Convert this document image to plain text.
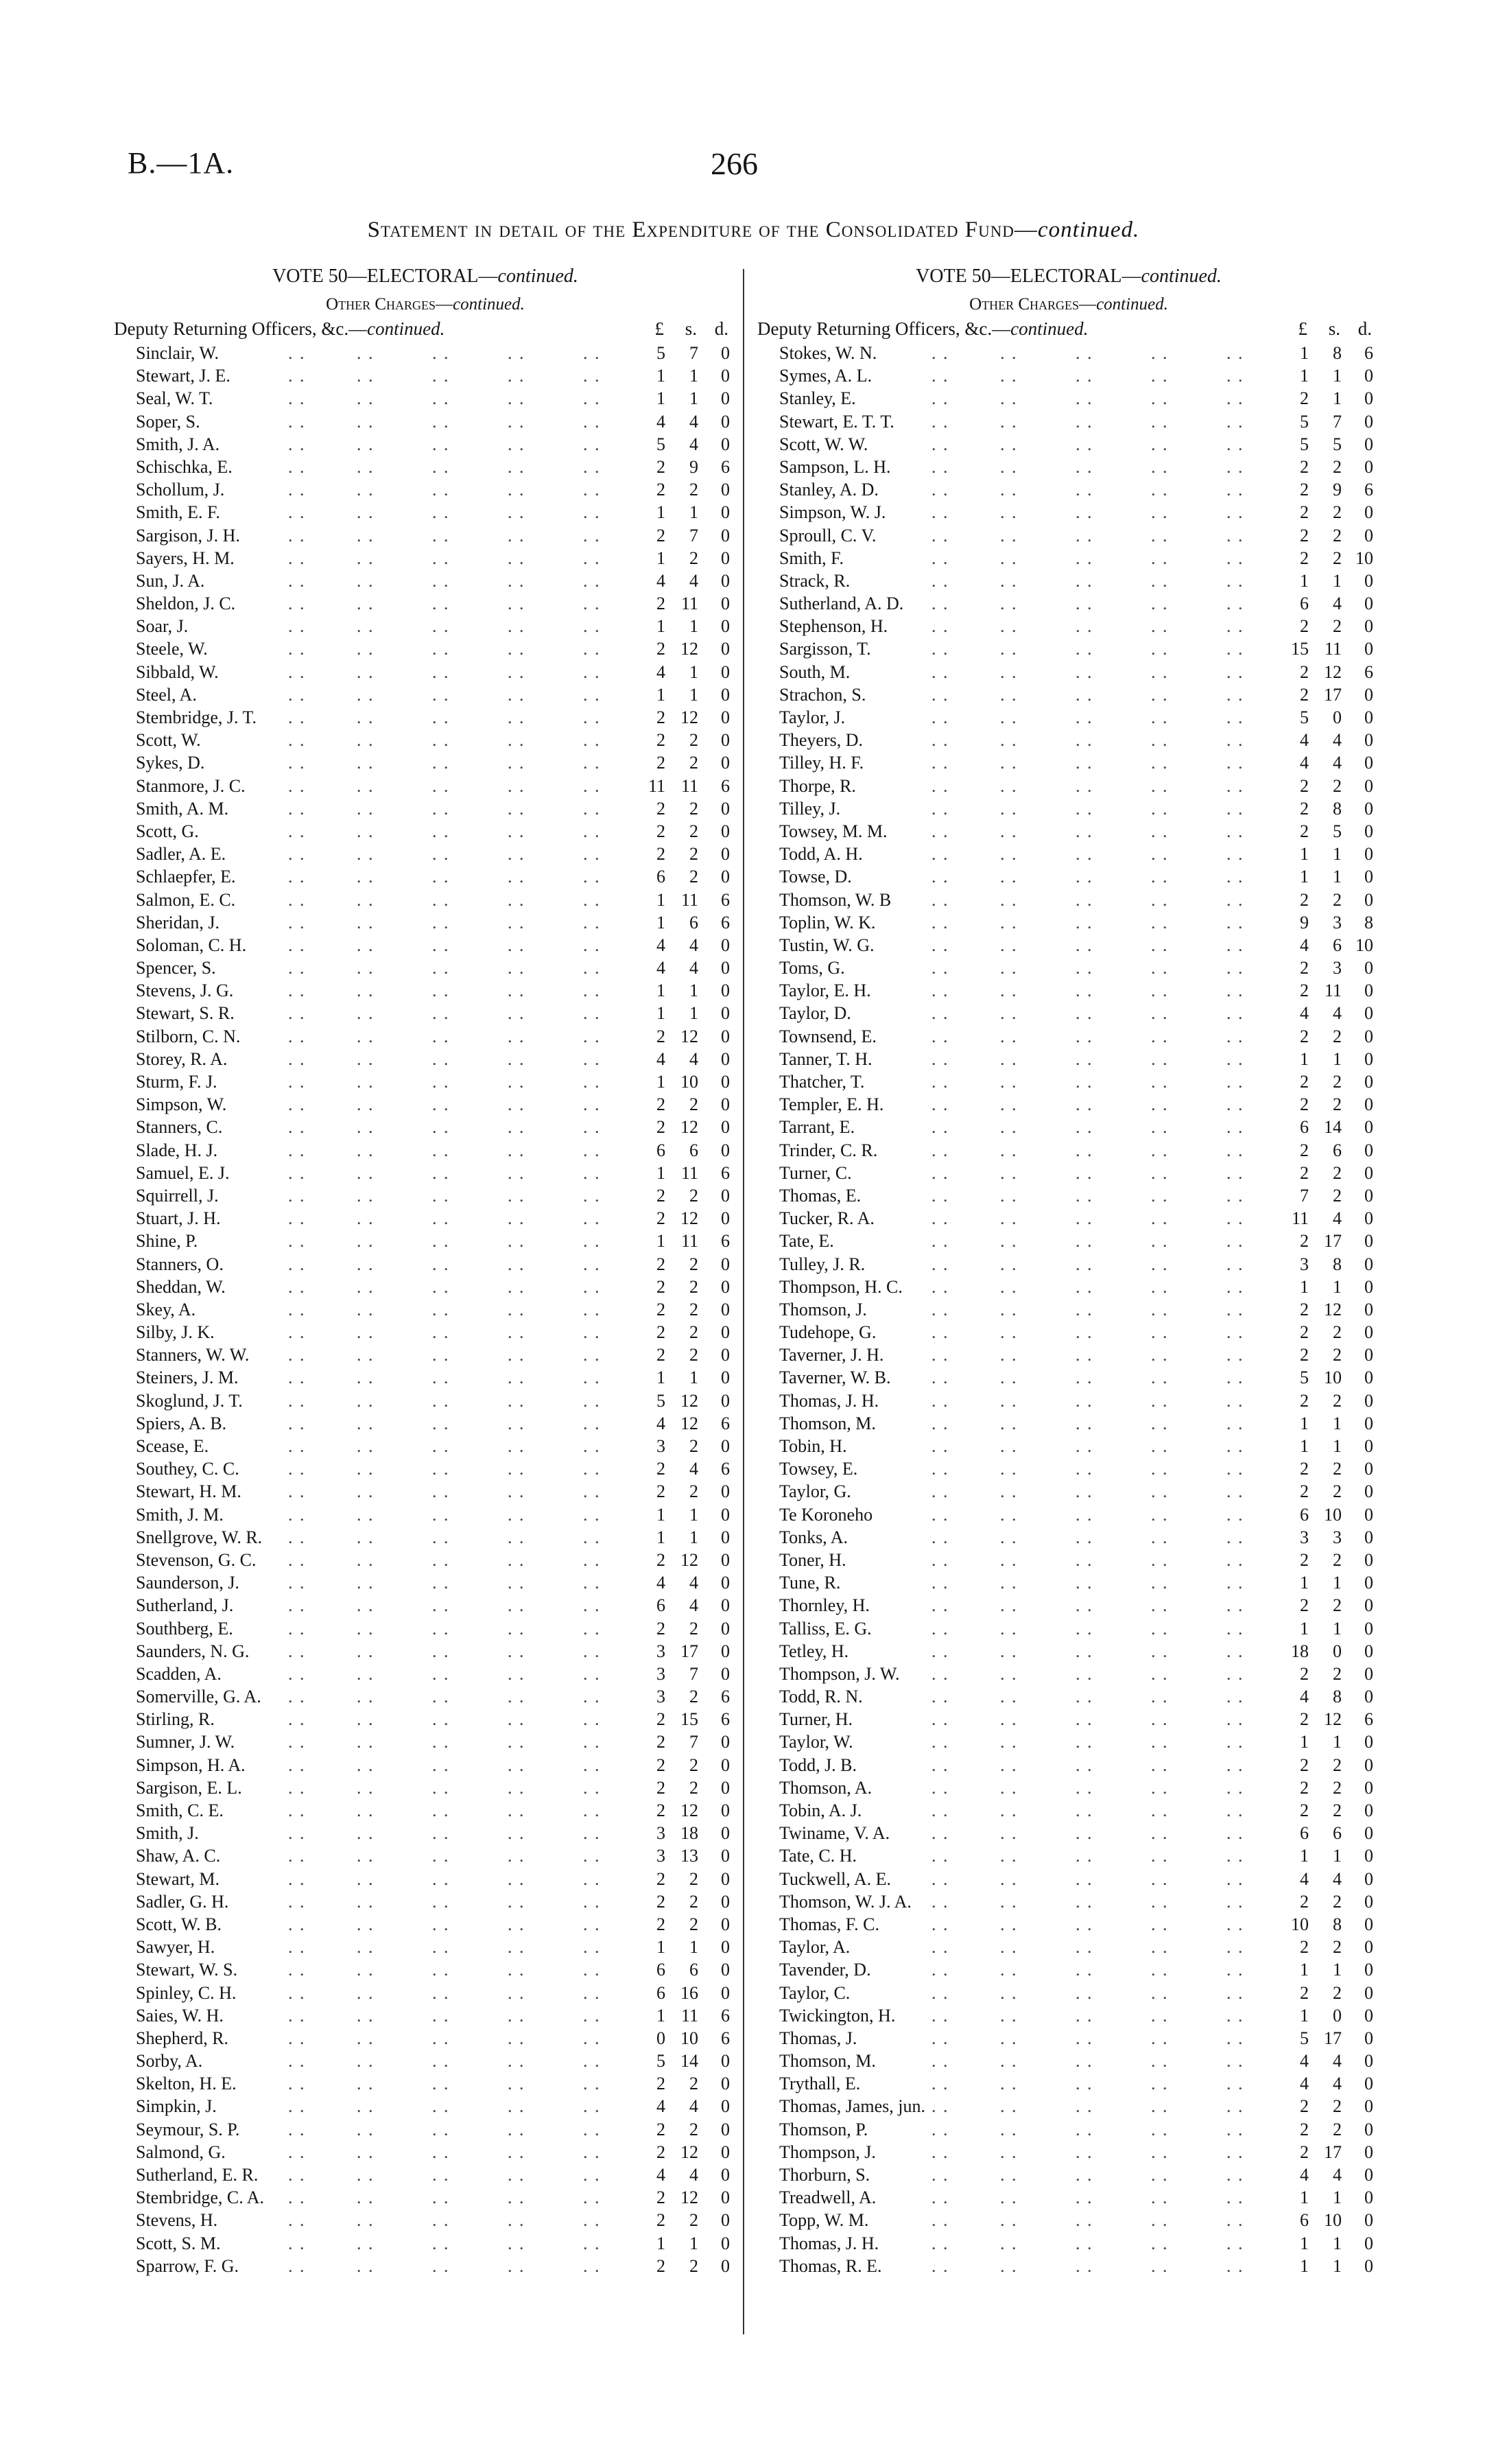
B.—1A.	266
Statement in detail of the Expenditure of the Consolidated Fund—continued.
VOTE 50—ELECTORAL—continued.
Other Charges—continued.
Deputy Returning Officers, &c.—continued.	£	s. d.
. .	. .	. .	. .	. .
Sinclair, W.	5	7	0
. .	. .	. .	. .	. .
Stewart, J. E.	1	1	0
. .	. .	. .	. .	. .
Seal, W. T.	1	1	0
. .	. .	. .	. .	. .
Soper, S.	4	4	0
. .	. .	. .	. .	. .
Smith, J. A.	5	4	0
. .	. .	. .	. .	. .
Schischka, E.	2	9	6
. .	. .	. .	. .	. .
Schollum, J.	2	2	0
. .	. .	. .	. .	. .
Smith, E. F.	1	1	0
. .	. .	. .	. .	. .
Sargison, J. H.	2	7	0
. .	. .	. .	. .	. .
Sayers, H. M.	1	2	0
. .	. .	. .	. .	. .
Sun, J. A.	4	4	0
. .	. .	. .	. .	. .
Sheldon, J. C.	2 11	0
. .	. .	. .	. .	. .
Soar, J.	1	1	0
. .	. .	. .	. .	. .
Steele, W.	2 12	0
. .	. .	. .	. .	. .
Sibbald, W.	4	1	0
. .	. .	. .	. .	. .
Steel, A.	1	1	0
. .	. .	. .	. .	. .
Stembridge, J. T.	2 12	0
. .	. .	. .	. .	. .
Scott, W.	2	2	0
. .	. .	. .	. .	. .
Sykes, D.	2	2	0
. .	. .	. .	. .	. .
Stanmore, J. C.	11 11	6
. .	. .	. .	. .	. .
Smith, A. M.	2	2	0
. .	. .	. .	. .	. .
Scott, G.	2	2	0
. .	. .	. .	. .	. .
Sadler, A. E.	2	2	0
. .	. .	. .	. .	. .
Schlaepfer, E.	6	2	0
. .	. .	. .	. .	. .
Salmon, E. C.	1 11	6
. .	. .	. .	. .	. .
Sheridan, J.	1	6	6
. .	. .	. .	. .	. .
Soloman, C. H.	4	4	0
. .	. .	. .	. .	. .
Spencer, S.	4	4	0
. .	. .	. .	. .	. .
Stevens, J. G.	1	1	0
. .	. .	. .	. .	. .
Stewart, S. R.	1	1	0
. .	. .	. .	. .	. .
Stilborn, C. N.	2 12	0
. .	. .	. .	. .	. .
Storey, R. A.	4	4	0
. .	. .	. .	. .	. .
Sturm, F. J.	1 10	0
. .	. .	. .	. .	. .
Simpson, W.	2	2	0
. .	. .	. .	. .	. .
Stanners, C.	2 12	0
. .	. .	. .	. .	. .
Slade, H. J.	6	6	0
. .	. .	. .	. .	. .
Samuel, E. J.	1 11	6
. .	. .	. .	. .	. .
Squirrell, J.	2	2	0
. .	. .	. .	. .	. .
Stuart, J. H.	2 12	0
. .	. .	. .	. .	. .
Shine, P.	1 11	6
. .	. .	. .	. .	. .
Stanners, O.	2	2	0
. .	. .	. .	. .	. .
Sheddan, W.	2	2	0
. .	. .	. .	. .	. .
Skey, A.	2	2	0
. .	. .	. .	. .	. .
Silby, J. K.	2	2	0
. .	. .	. .	. .	. .
Stanners, W. W.	2	2	0
. .	. .	. .	. .	. .
Steiners, J. M.	1	1	0
. .	. .	. .	. .	. .
Skoglund, J. T.	5 12	0
. .	. .	. .	. .	. .
Spiers, A. B.	4 12	6
. .	. .	. .	. .	. .
Scease, E.	3	2	0
. .	. .	. .	. .	. .
Southey, C. C.	2	4	6
. .	. .	. .	. .	. .
Stewart, H. M.	2	2	0
. .	. .	. .	. .	. .
Smith, J. M.	1	1	0
. .	. .	. .	. .	. .
Snellgrove, W. R.	1	1	0
. .	. .	. .	. .	. .
Stevenson, G. C.	2 12	0
. .	. .	. .	. .	. .
Saunderson, J.	4	4	0
. .	. .	. .	. .	. .
Sutherland, J.	6	4	0
. .	. .	. .	. .	. .
Southberg, E.	2	2	0
. .	. .	. .	. .	. .
Saunders, N. G.	3 17	0
. .	. .	. .	. .	. .
Scadden, A.	3	7	0
. .	. .	. .	. .	. .
Somerville, G. A.	3	2	6
. .	. .	. .	. .	. .
Stirling, R.	2 15	6
. .	. .	. .	. .	. .
Sumner, J. W.	2	7	0
. .	. .	. .	. .	. .
Simpson, H. A.	2	2	0
. .	. .	. .	. .	. .
Sargison, E. L.	2	2	0
. .	. .	. .	. .	. .
Smith, C. E.	2 12	0
. .	. .	. .	. .	. .
Smith, J.	3 18	0
. .	. .	. .	. .	. .
Shaw, A. C.	3 13	0
. .	. .	. .	. .	. .
Stewart, M.	2	2	0
. .	. .	. .	. .	. .
Sadler, G. H.	2	2	0
. .	. .	. .	. .	. .
Scott, W. B.	2	2	0
. .	. .	. .	. .	. .
Sawyer, H.	1	1	0
. .	. .	. .	. .	. .
Stewart, W. S.	6	6	0
. .	. .	. .	. .	. .
Spinley, C. H.	6 16	0
. .	. .	. .	. .	. .
Saies, W. H.	1 11	6
. .	. .	. .	. .	. .
Shepherd, R.	0 10	6
. .	. .	. .	. .	. .
Sorby, A.	5 14	0
. .	. .	. .	. .	. .
Skelton, H. E.	2	2	0
. .	. .	. .	. .	. .
Simpkin, J.	4	4	0
. .	. .	. .	. .	. .
Seymour, S. P.	2	2	0
. .	. .	. .	. .	. .
Salmond, G.	2 12	0
. .	. .	. .	. .	. .
Sutherland, E. R.	4	4	0
. .	. .	. .	. .	. .
Stembridge, C. A.	2 12	0
. .	. .	. .	. .	. .
Stevens, H.	2	2	0
. .	. .	. .	. .	. .
Scott, S. M.	1	1	0
. .	. .	. .	. .	. .
Sparrow, F. G.	2	2	0
VOTE 50—ELECTORAL—continued.
Other Charges—continued.
Deputy Returning Officers, &c.—continued.	£	s. d.
. .	. .	. .	. .	. .
Stokes, W. N.	1	8	6
. .	. .	. .	. .	. .
Symes, A. L.	1	1	0
. .	. .	. .	. .	. .
Stanley, E.	2	1	0
. .	. .	. .	. .	. .
Stewart, E. T. T.	5	7	0
. .	. .	. .	. .	. .
Scott, W. W.	5	5	0
. .	. .	. .	. .	. .
Sampson, L. H.	2	2	0
. .	. .	. .	. .	. .
Stanley, A. D.	2	9	6
. .	. .	. .	. .	. .
Simpson, W. J.	2	2	0
. .	. .	. .	. .	. .
Sproull, C. V.	2	2	0
. .	. .	. .	. .	. .
Smith, F.	2	2 10
. .	. .	. .	. .	. .
Strack, R.	1	1	0
. .	. .	. .	. .	. .
Sutherland, A. D.	6	4	0
. .	. .	. .	. .	. .
Stephenson, H.	2	2	0
. .	. .	. .	. .	. .
Sargisson, T.	15 11	0
. .	. .	. .	. .	. .
South, M.	2 12	6
. .	. .	. .	. .	. .
Strachon, S.	2 17	0
. .	. .	. .	. .	. .
Taylor, J.	5	0	0
. .	. .	. .	. .	. .
Theyers, D.	4	4	0
. .	. .	. .	. .	. .
Tilley, H. F.	4	4	0
. .	. .	. .	. .	. .
Thorpe, R.	2	2	0
. .	. .	. .	. .	. .
Tilley, J.	2	8	0
. .	. .	. .	. .	. .
Towsey, M. M.	2	5	0
. .	. .	. .	. .	. .
Todd, A. H.	1	1	0
. .	. .	. .	. .	. .
Towse, D.	1	1	0
. .	. .	. .	. .	. .
Thomson, W. B	2	2	0
. .	. .	. .	. .	. .
Toplin, W. K.	9	3	8
. .	. .	. .	. .	. .
Tustin, W. G.	4	6 10
. .	. .	. .	. .	. .
Toms, G.	2	3	0
. .	. .	. .	. .	. .
Taylor, E. H.	2 11	0
. .	. .	. .	. .	. .
Taylor, D.	4	4	0
. .	. .	. .	. .	. .
Townsend, E.	2	2	0
. .	. .	. .	. .	. .
Tanner, T. H.	1	1	0
. .	. .	. .	. .	. .
Thatcher, T.	2	2	0
. .	. .	. .	. .	. .
Templer, E. H.	2	2	0
. .	. .	. .	. .	. .
Tarrant, E.	6 14	0
. .	. .	. .	. .	. .
Trinder, C. R.	2	6	0
. .	. .	. .	. .	. .
Turner, C.	2	2	0
. .	. .	. .	. .	. .
Thomas, E.	7	2	0
. .	. .	. .	. .	. .
Tucker, R. A.	11	4	0
. .	. .	. .	. .	. .
Tate, E.	2 17	0
. .	. .	. .	. .	. .
Tulley, J. R.	3	8	0
. .	. .	. .	. .	. .
Thompson, H. C.	1	1	0
. .	. .	. .	. .	. .
Thomson, J.	2 12	0
. .	. .	. .	. .	. .
Tudehope, G.	2	2	0
. .	. .	. .	. .	. .
Taverner, J. H.	2	2	0
. .	. .	. .	. .	. .
Taverner, W. B.	5 10	0
. .	. .	. .	. .	. .
Thomas, J. H.	2	2	0
. .	. .	. .	. .	. .
Thomson, M.	1	1	0
. .	. .	. .	. .	. .
Tobin, H.	1	1	0
. .	. .	. .	. .	. .
Towsey, E.	2	2	0
. .	. .	. .	. .	. .
Taylor, G.	2	2	0
. .	. .	. .	. .	. .
Te Koroneho	6 10	0
. .	. .	. .	. .	. .
Tonks, A.	3	3	0
. .	. .	. .	. .	. .
Toner, H.	2	2	0
. .	. .	. .	. .	. .
Tune, R.	1	1	0
. .	. .	. .	. .	. .
Thornley, H.	2	2	0
. .	. .	. .	. .	. .
Talliss, E. G.	1	1	0
. .	. .	. .	. .	. .
Tetley, H.	18	0	0
. .	. .	. .	. .	. .
Thompson, J. W.	2	2	0
. .	. .	. .	. .	. .
Todd, R. N.	4	8	0
. .	. .	. .	. .	. .
Turner, H.	2 12	6
. .	. .	. .	. .	. .
Taylor, W.	1	1	0
. .	. .	. .	. .	. .
Todd, J. B.	2	2	0
. .	. .	. .	. .	. .
Thomson, A.	2	2	0
. .	. .	. .	. .	. .
Tobin, A. J.	2	2	0
. .	. .	. .	. .	. .
Twiname, V. A.	6	6	0
. .	. .	. .	. .	. .
Tate, C. H.	1	1	0
. .	. .	. .	. .	. .
Tuckwell, A. E.	4	4	0
. .	. .	. .	. .	. .
Thomson, W. J. A.	2	2	0
. .	. .	. .	. .	. .
Thomas, F. C.	10	8	0
. .	. .	. .	. .	. .
Taylor, A.	2	2	0
. .	. .	. .	. .	. .
Tavender, D.	1	1	0
. .	. .	. .	. .	. .
Taylor, C.	2	2	0
. .	. .	. .	. .	. .
Twickington, H.	1	0	0
. .	. .	. .	. .	. .
Thomas, J.	5 17	0
. .	. .	. .	. .	. .
Thomson, M.	4	4	0
. .	. .	. .	. .	. .
Trythall, E.	4	4	0
. .	. .	. .	. .	. .
Thomas, James, jun.	2	2	0
. .	. .	. .	. .	. .
Thomson, P.	2	2	0
. .	. .	. .	. .	. .
Thompson, J.	2 17	0
. .	. .	. .	. .	. .
Thorburn, S.	4	4	0
. .	. .	. .	. .	. .
Treadwell, A.	1	1	0
. .	. .	. .	. .	. .
Topp, W. M.	6 10	0
. .	. .	. .	. .	. .
Thomas, J. H.	1	1	0
. .	. .	. .	. .	. .
Thomas, R. E.	1	1	0
